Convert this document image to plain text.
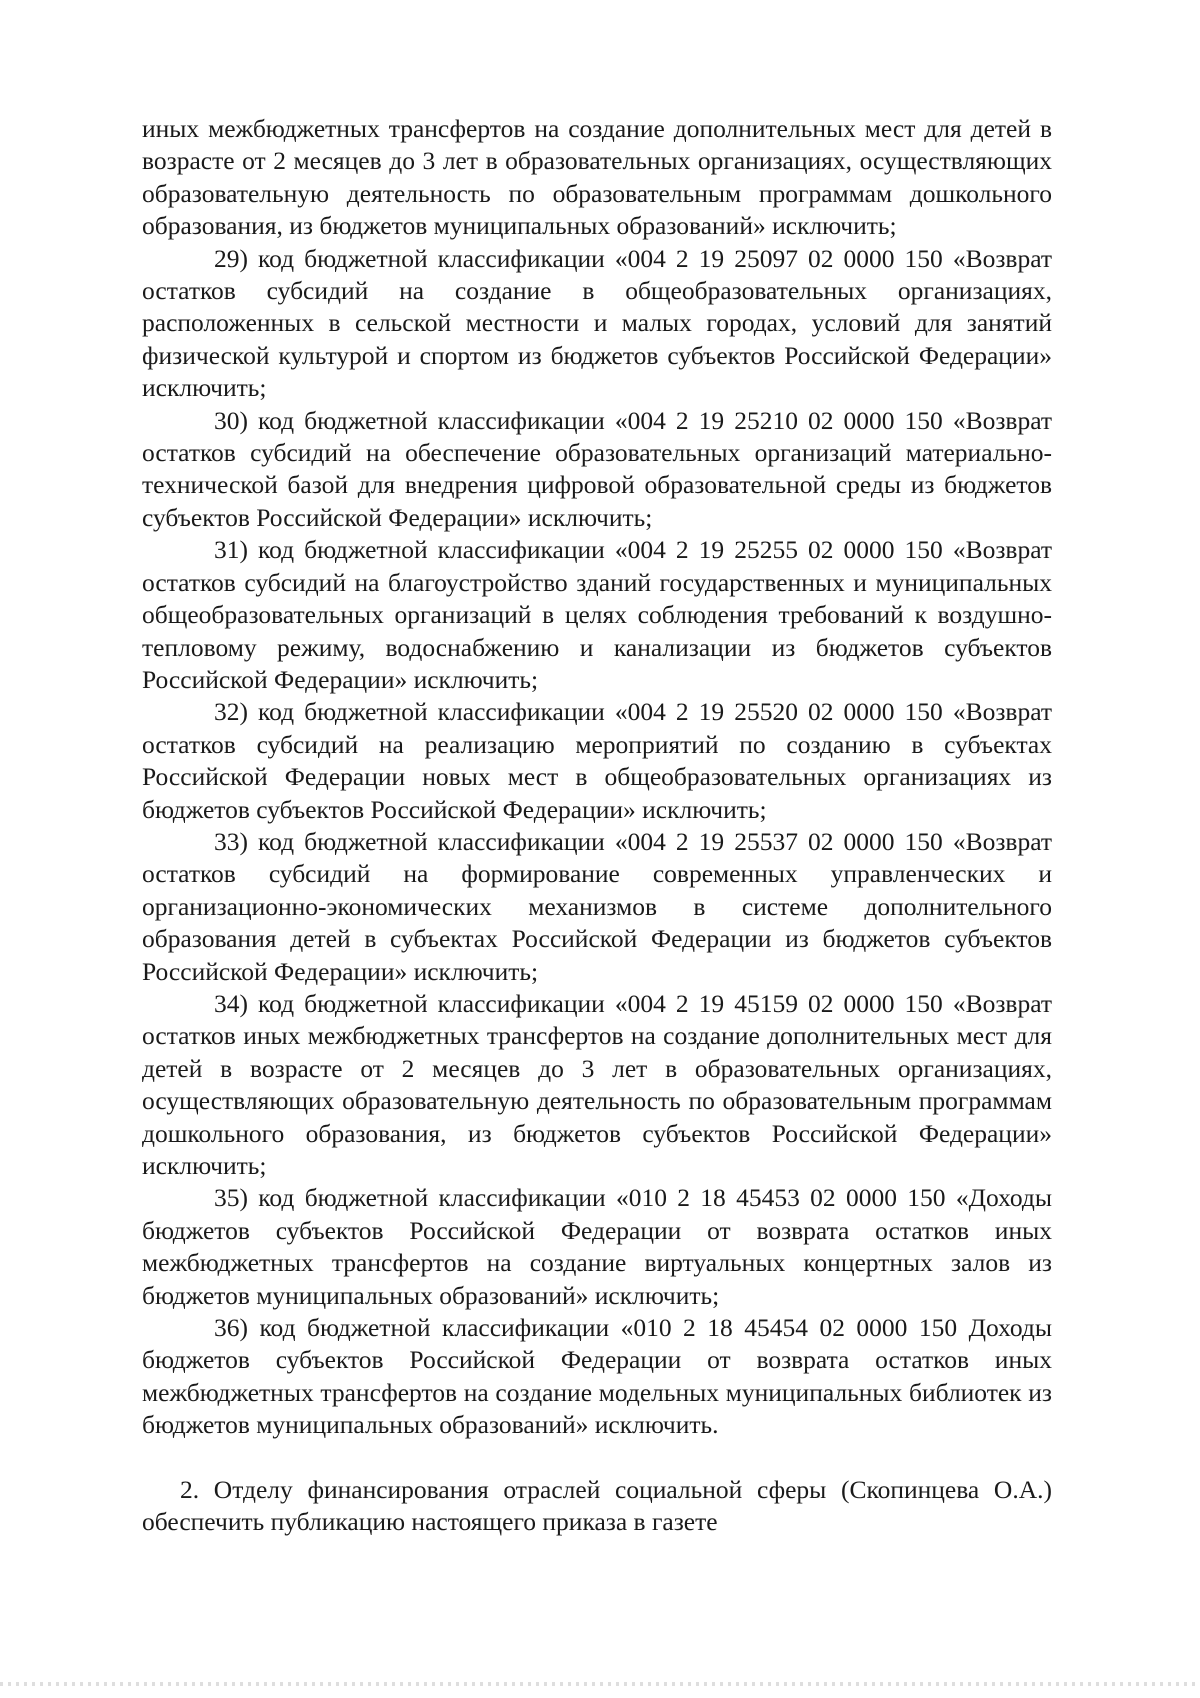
иных межбюджетных трансфертов на создание дополнительных мест для детей в возрасте от 2 месяцев до 3 лет в образовательных организациях, осуществляющих образовательную деятельность по образовательным программам дошкольного образования, из бюджетов муниципальных образований» исключить;

29) код бюджетной классификации «004 2 19 25097 02 0000 150 «Возврат остатков субсидий на создание в общеобразовательных организациях, расположенных в сельской местности и малых городах, условий для занятий физической культурой и спортом из бюджетов субъектов Российской Федерации» исключить;

30) код бюджетной классификации «004 2 19 25210 02 0000 150 «Возврат остатков субсидий на обеспечение образовательных организаций материально-технической базой для внедрения цифровой образовательной среды из бюджетов субъектов Российской Федерации» исключить;

31) код бюджетной классификации «004 2 19 25255 02 0000 150 «Возврат остатков субсидий на благоустройство зданий государственных и муниципальных общеобразовательных организаций в целях соблюдения требований к воздушно-тепловому режиму, водоснабжению и канализации из бюджетов субъектов Российской Федерации» исключить;

32) код бюджетной классификации «004 2 19 25520 02 0000 150 «Возврат остатков субсидий на реализацию мероприятий по созданию в субъектах Российской Федерации новых мест в общеобразовательных организациях из бюджетов субъектов Российской Федерации» исключить;

33) код бюджетной классификации «004 2 19 25537 02 0000 150 «Возврат остатков субсидий на формирование современных управленческих и организационно-экономических механизмов в системе дополнительного образования детей в субъектах Российской Федерации из бюджетов субъектов Российской Федерации» исключить;

34) код бюджетной классификации «004 2 19 45159 02 0000 150 «Возврат остатков иных межбюджетных трансфертов на создание дополнительных мест для детей в возрасте от 2 месяцев до 3 лет в образовательных организациях, осуществляющих образовательную деятельность по образовательным программам дошкольного образования, из бюджетов субъектов Российской Федерации» исключить;

35) код бюджетной классификации «010 2 18 45453 02 0000 150 «Доходы бюджетов субъектов Российской Федерации от возврата остатков иных межбюджетных трансфертов на создание виртуальных концертных залов из бюджетов муниципальных образований» исключить;

36) код бюджетной классификации «010 2 18 45454 02 0000 150 Доходы бюджетов субъектов Российской Федерации от возврата остатков иных межбюджетных трансфертов на создание модельных муниципальных библиотек из бюджетов муниципальных образований» исключить.

2. Отделу финансирования отраслей социальной сферы (Скопинцева О.А.) обеспечить публикацию настоящего приказа в газете
